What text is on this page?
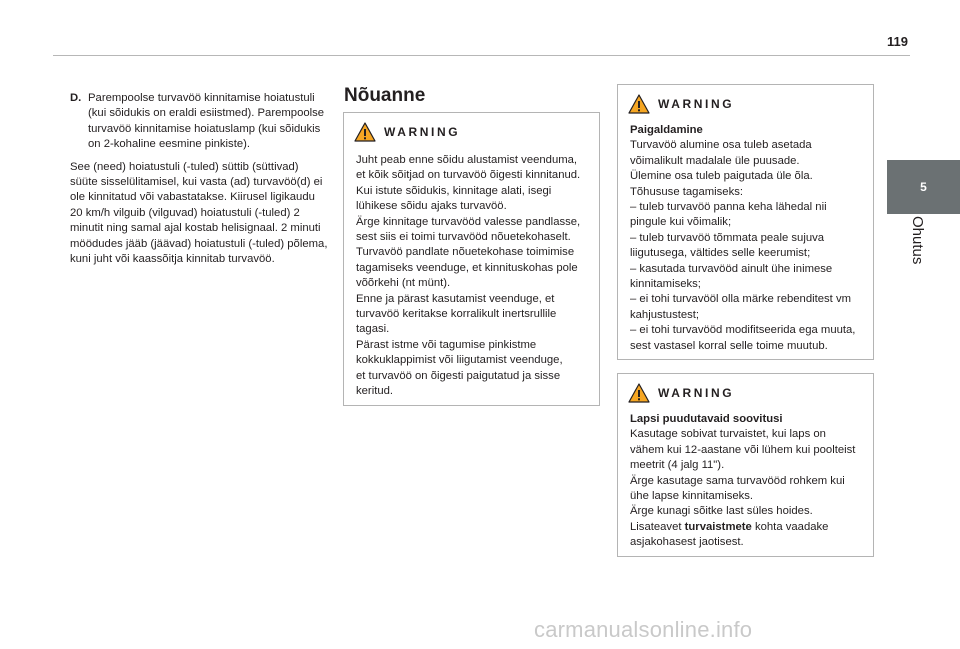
119
5
Ohutus
D. Parempoolse turvavöö kinnitamise hoiatustuli (kui sõidukis on eraldi esiistmed). Parempoolse turvavöö kinnitamise hoiatuslamp (kui sõidukis on 2-kohaline eesmine pinkiste).

See (need) hoiatustuli (-tuled) süttib (süttivad) süüte sisselülitamisel, kui vasta (ad) turvavöö(d) ei ole kinnitatud või vabastatakse. Kiirusel ligikaudu 20 km/h vilguib (vilguvad) hoiatustuli (-tuled) 2 minutit ning samal ajal kostab helisignaal. 2 minuti möödudes jääb (jäävad) hoiatustuli (-tuled) põlema, kuni juht või kaassõitja kinnitab turvavöö.

Nõuanne
WARNING
Juht peab enne sõidu alustamist veenduma,
et kõik sõitjad on turvavöö õigesti kinnitanud.
Kui istute sõidukis, kinnitage alati, isegi
lühikese sõidu ajaks turvavöö.
Ärge kinnitage turvavööd valesse pandlasse,
sest siis ei toimi turvavööd nõuetekohaselt.
Turvavöö pandlate nõuetekohase toimimise
tagamiseks veenduge, et kinnituskohas pole
võõrkehi (nt münt).
Enne ja pärast kasutamist veenduge, et
turvavöö keritakse korralikult inertsrullile
tagasi.
Pärast istme või tagumise pinkistme
kokkuklappimist või liigutamist veenduge,
et turvavöö on õigesti paigutatud ja sisse
keritud.
WARNING
Paigaldamine
Turvavöö alumine osa tuleb asetada
võimalikult madalale üle puusade.
Ülemine osa tuleb paigutada üle õla.
Tõhususe tagamiseks:
– tuleb turvavöö panna keha lähedal nii
pingule kui võimalik;
– tuleb turvavöö tõmmata peale sujuva
liigutusega, vältides selle keerumist;
– kasutada turvavööd ainult ühe inimese
kinnitamiseks;
– ei tohi turvavööl olla märke rebenditest vm
kahjustustest;
– ei tohi turvavööd modifitseerida ega muuta,
sest vastasel korral selle toime muutub.
WARNING
Lapsi puudutavaid soovitusi
Kasutage sobivat turvaistet, kui laps on
vähem kui 12-aastane või lühem kui poolteist
meetrit (4 jalg 11").
Ärge kasutage sama turvavööd rohkem kui
ühe lapse kinnitamiseks.
Ärge kunagi sõitke last süles hoides.
Lisateavet turvaistmete kohta vaadake
asjakohasest jaotisest.
carmanualsonline.info
